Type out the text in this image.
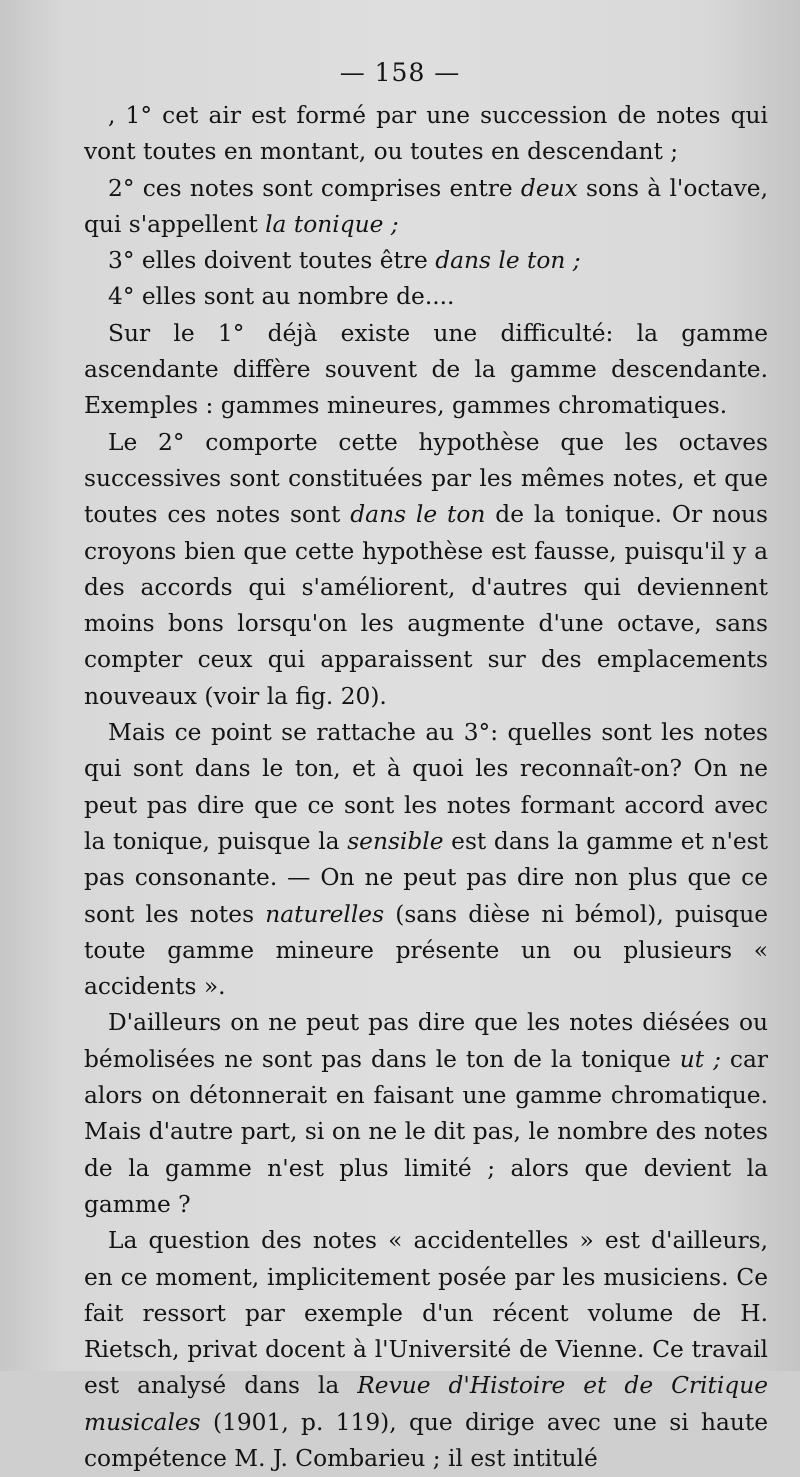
— 158 —

, 1° cet air est formé par une succession de notes qui vont toutes en montant, ou toutes en descendant ;

2° ces notes sont comprises entre deux sons à l'octave, qui s'appellent la tonique ;

3° elles doivent toutes être dans le ton ;

4° elles sont au nombre de....

Sur le 1° déjà existe une difficulté: la gamme ascendante diffère souvent de la gamme descendante. Exemples : gammes mineures, gammes chromatiques.

Le 2° comporte cette hypothèse que les octaves successives sont constituées par les mêmes notes, et que toutes ces notes sont dans le ton de la tonique. Or nous croyons bien que cette hypothèse est fausse, puisqu'il y a des accords qui s'améliorent, d'autres qui deviennent moins bons lorsqu'on les augmente d'une octave, sans compter ceux qui apparaissent sur des emplacements nouveaux (voir la fig. 20).

Mais ce point se rattache au 3°: quelles sont les notes qui sont dans le ton, et à quoi les reconnaît-on? On ne peut pas dire que ce sont les notes formant accord avec la tonique, puisque la sensible est dans la gamme et n'est pas consonante. — On ne peut pas dire non plus que ce sont les notes naturelles (sans dièse ni bémol), puisque toute gamme mineure présente un ou plusieurs « accidents ».

D'ailleurs on ne peut pas dire que les notes diésées ou bémolisées ne sont pas dans le ton de la tonique ut ; car alors on détonnerait en faisant une gamme chromatique. Mais d'autre part, si on ne le dit pas, le nombre des notes de la gamme n'est plus limité ; alors que devient la gamme ?

La question des notes « accidentelles » est d'ailleurs, en ce moment, implicitement posée par les musiciens. Ce fait ressort par exemple d'un récent volume de H. Rietsch, privat docent à l'Université de Vienne. Ce travail est analysé dans la Revue d'Histoire et de Critique musicales (1901, p. 119), que dirige avec une si haute compétence M. J. Combarieu ; il est intitulé
